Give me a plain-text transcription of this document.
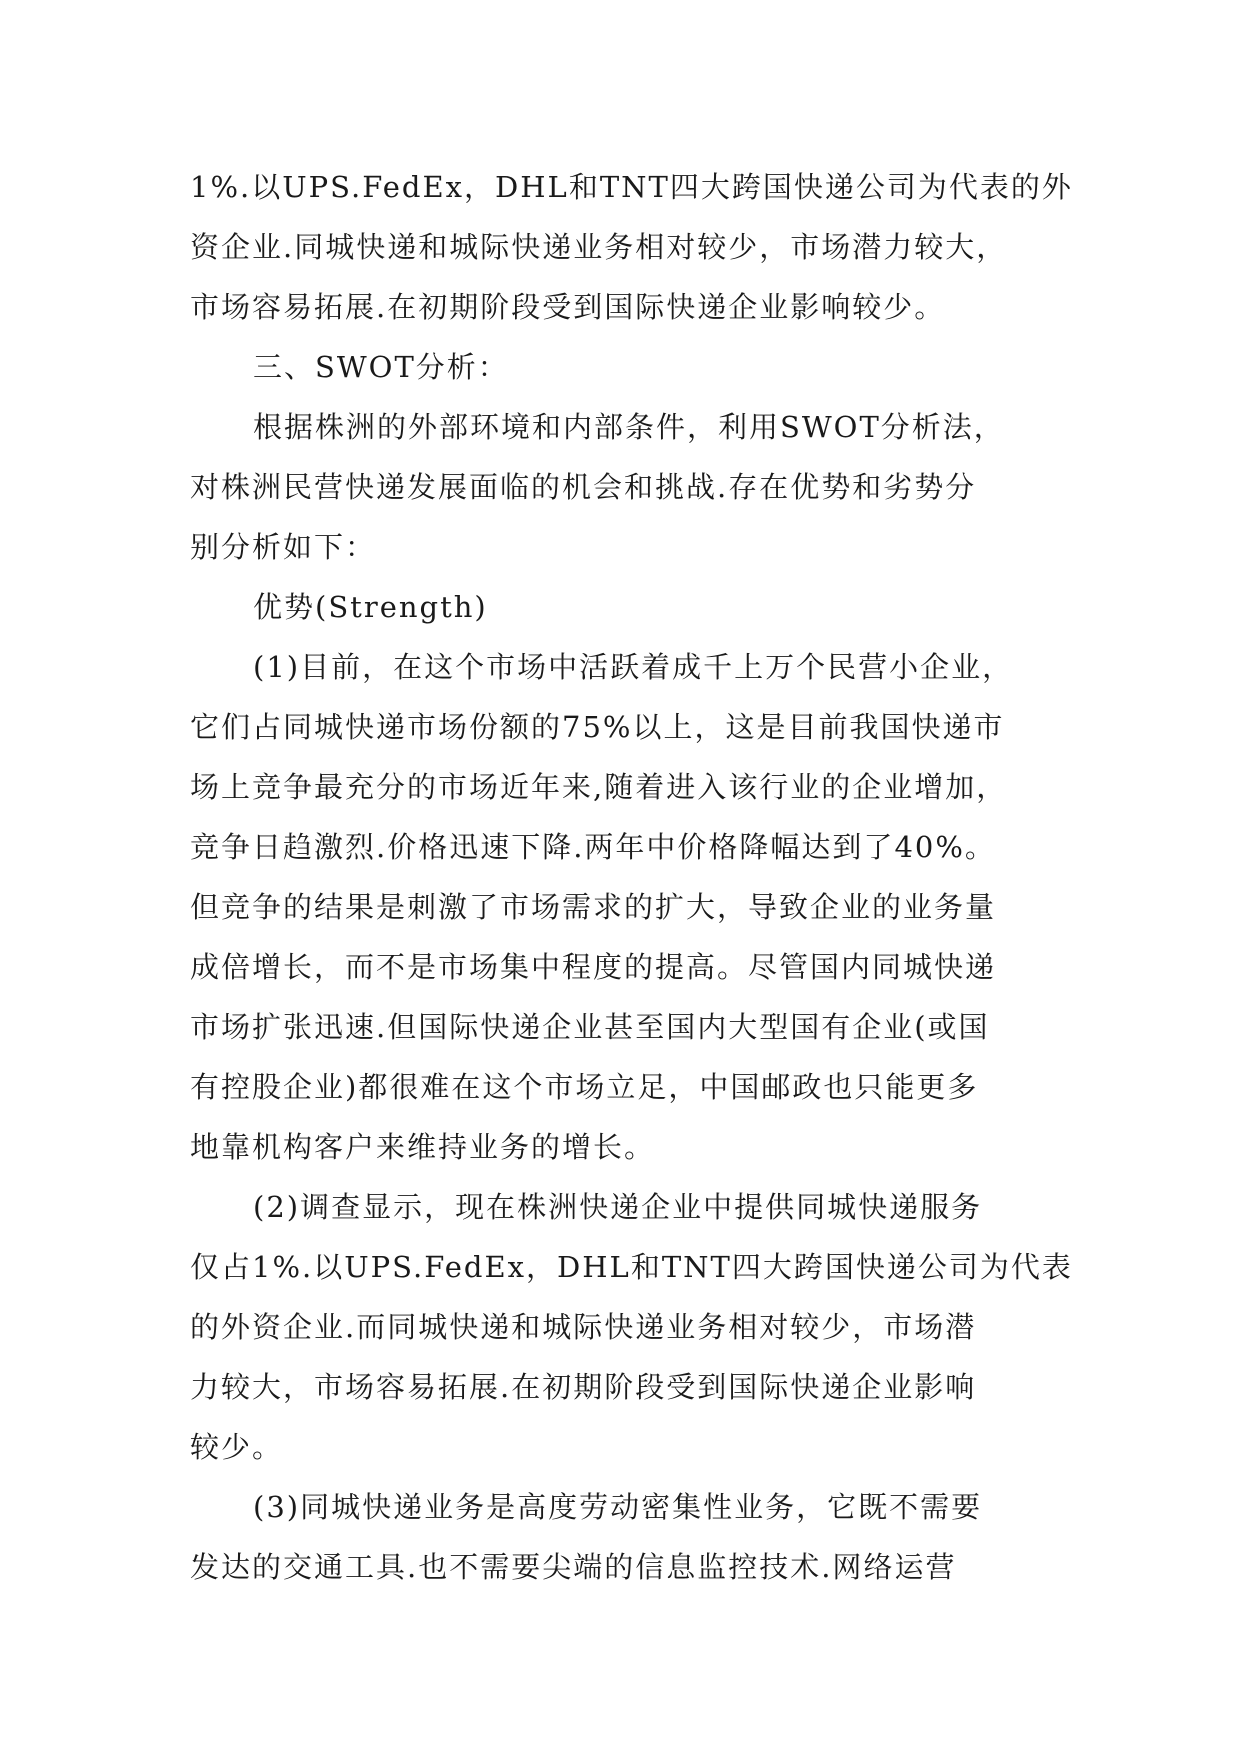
1%.以UPS.FedEx，DHL和TNT四大跨国快递公司为代表的外
资企业.同城快递和城际快递业务相对较少，市场潜力较大，
市场容易拓展.在初期阶段受到国际快递企业影响较少。
三、SWOT分析：
根据株洲的外部环境和内部条件，利用SWOT分析法，
对株洲民营快递发展面临的机会和挑战.存在优势和劣势分
别分析如下：
优势(Strength)
(1)目前，在这个市场中活跃着成千上万个民营小企业，
它们占同城快递市场份额的75%以上，这是目前我国快递市
场上竞争最充分的市场近年来,随着进入该行业的企业增加，
竞争日趋激烈.价格迅速下降.两年中价格降幅达到了40%。
但竞争的结果是刺激了市场需求的扩大，导致企业的业务量
成倍增长，而不是市场集中程度的提高。尽管国内同城快递
市场扩张迅速.但国际快递企业甚至国内大型国有企业(或国
有控股企业)都很难在这个市场立足，中国邮政也只能更多
地靠机构客户来维持业务的增长。
(2)调查显示，现在株洲快递企业中提供同城快递服务
仅占1%.以UPS.FedEx，DHL和TNT四大跨国快递公司为代表
的外资企业.而同城快递和城际快递业务相对较少，市场潜
力较大，市场容易拓展.在初期阶段受到国际快递企业影响
较少。
(3)同城快递业务是高度劳动密集性业务，它既不需要
发达的交通工具.也不需要尖端的信息监控技术.网络运营
